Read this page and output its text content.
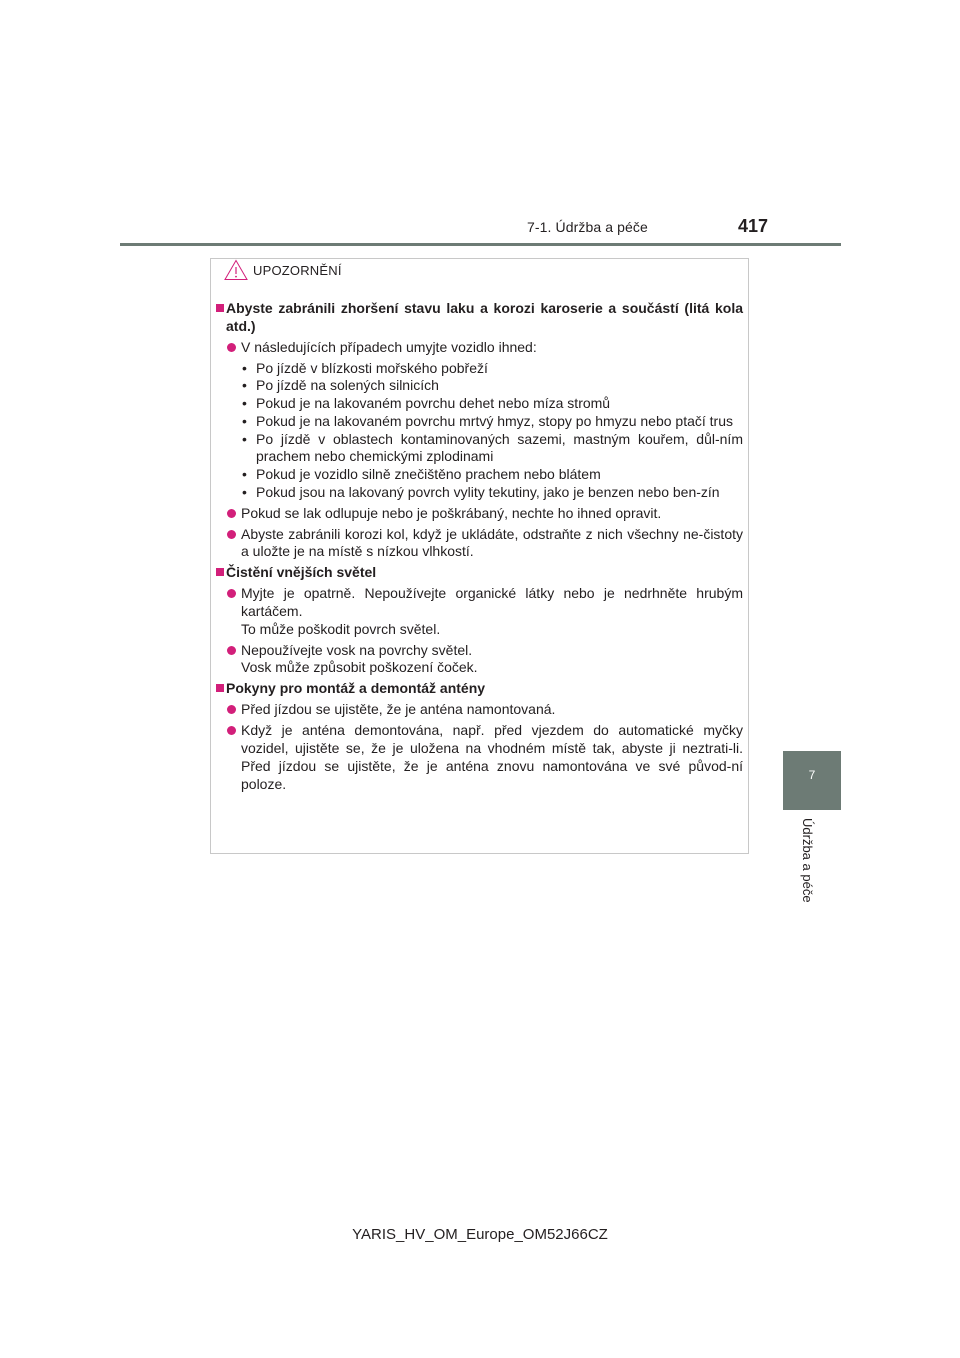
7-1. Údržba a péče	417
7
Údržba a péče
UPOZORNĚNÍ
Abyste zabránili zhoršení stavu laku a korozi karoserie a součástí (litá kola atd.)
V následujících případech umyjte vozidlo ihned:
• Po jízdě v blízkosti mořského pobřeží
• Po jízdě na solených silnicích
• Pokud je na lakovaném povrchu dehet nebo míza stromů
• Pokud je na lakovaném povrchu mrtvý hmyz, stopy po hmyzu nebo ptačí trus
• Po jízdě v oblastech kontaminovaných sazemi, mastným kouřem, důl-ním prachem nebo chemickými zplodinami
• Pokud je vozidlo silně znečištěno prachem nebo blátem
• Pokud jsou na lakovaný povrch vylity tekutiny, jako je benzen nebo ben-zín
Pokud se lak odlupuje nebo je poškrábaný, nechte ho ihned opravit.
Abyste zabránili korozi kol, když je ukládáte, odstraňte z nich všechny ne-čistoty a uložte je na místě s nízkou vlhkostí.
Čistění vnějších světel
Myjte je opatrně. Nepoužívejte organické látky nebo je nedrhněte hrubým kartáčem.
To může poškodit povrch světel.
Nepoužívejte vosk na povrchy světel.
Vosk může způsobit poškození čoček.
Pokyny pro montáž a demontáž antény
Před jízdou se ujistěte, že je anténa namontovaná.
Když je anténa demontována, např. před vjezdem do automatické myčky vozidel, ujistěte se, že je uložena na vhodném místě tak, abyste ji neztrati-li. Před jízdou se ujistěte, že je anténa znovu namontována ve své původ-ní poloze.
YARIS_HV_OM_Europe_OM52J66CZ
